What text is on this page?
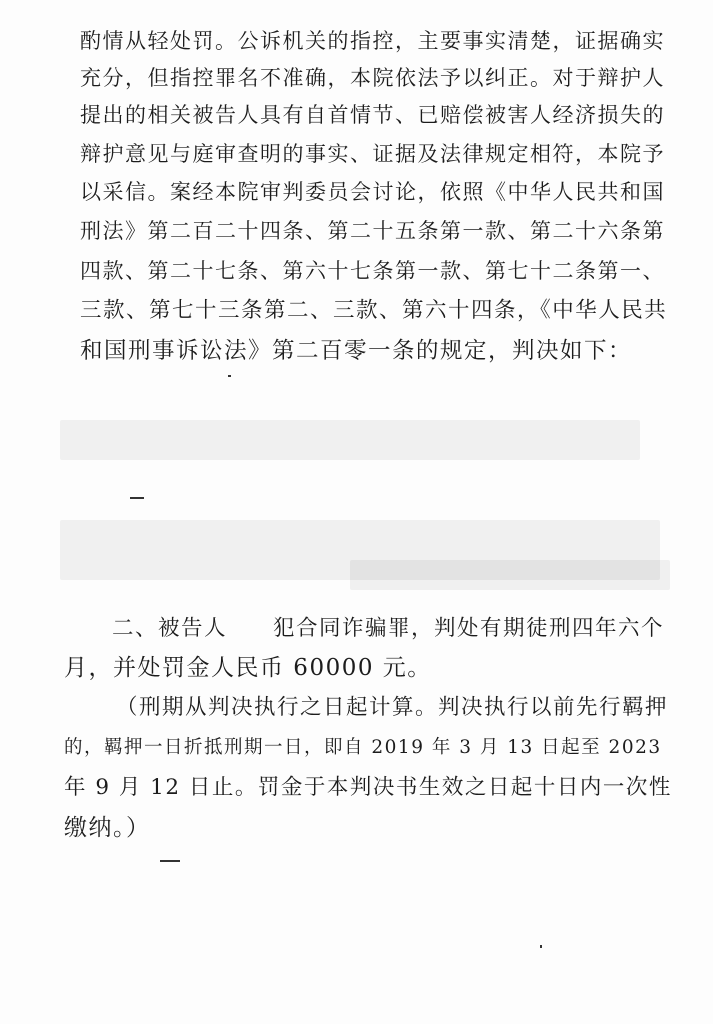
酌情从轻处罚。公诉机关的指控，主要事实清楚，证据确实
充分，但指控罪名不准确，本院依法予以纠正。对于辩护人
提出的相关被告人具有自首情节、已赔偿被害人经济损失的
辩护意见与庭审查明的事实、证据及法律规定相符，本院予
以采信。案经本院审判委员会讨论，依照《中华人民共和国
刑法》第二百二十四条、第二十五条第一款、第二十六条第
四款、第二十七条、第六十七条第一款、第七十二条第一、
三款、第七十三条第二、三款、第六十四条，《中华人民共
和国刑事诉讼法》第二百零一条的规定，判决如下：
二、被告人　　犯合同诈骗罪，判处有期徒刑四年六个
月，并处罚金人民币 60000 元。
（刑期从判决执行之日起计算。判决执行以前先行羁押
的，羁押一日折抵刑期一日，即自 2019 年 3 月 13 日起至 2023
年 9 月 12 日止。罚金于本判决书生效之日起十日内一次性
缴纳。）
